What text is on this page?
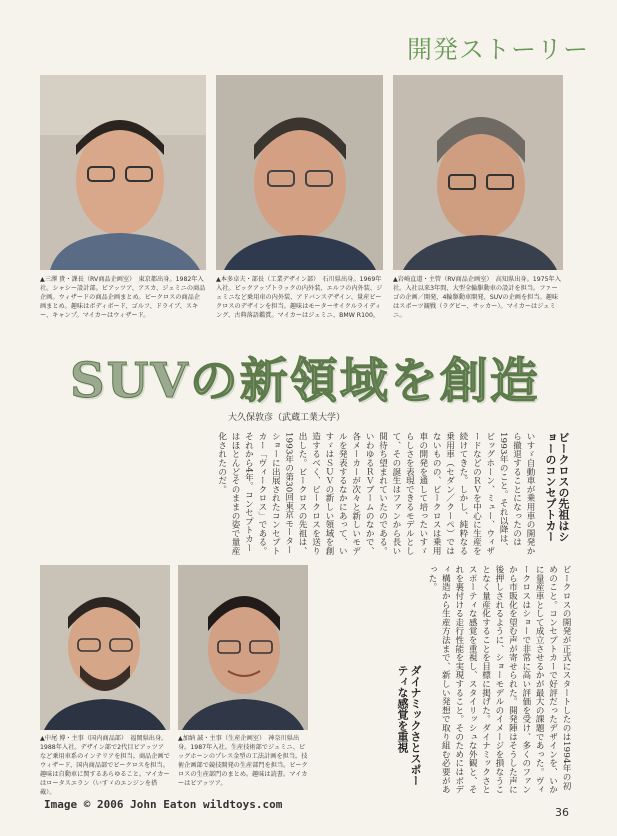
開発ストーリー
▲三澤 貴・課長（RV商品企画室）　東京都出身。1982年入社。シャシー設計部。ビアッツア、アスカ、ジェミニの商品企画。ウィザードの商品企画まとめ。ビークロスの商品企画まとめ。趣味はボディボード、ゴルフ、ドライブ、スキー、キャンプ。マイカーはウィザード。
▲本多卓夫・部長（工業デザイン部）　石川県出身。1969年入社。ピックアップトラックの内外装、エルフの内外装、ジェミニなど乗用車の内外装、アドバンスデザイン、量産ビークロスのデザインを担当。趣味はモーターサイクルライディング、古典落語鑑賞。マイカーはジェミニ、BMW R100。
▲岩崎直道・主管（RV商品企画室）　高知県出身。1975年入社。入社以来3年間、大型全輪駆動車の設計を担当。ファーゴの企画／開発、4輪駆動車開発、SUVの企画を担当。趣味はスポーツ観戦（ラグビー、サッカー）。マイカーはジェミニ。
SUVの新領域を創造
大久保敦彦（武蔵工業大学）
ビークロスの先祖はショーのコンセプトカー
いすゞ自動車が乗用車の開発から撤退することになったのは1993年のこと。それ以降は、ビッグホーン、ミュー、ウィザードなどのＲＶを中心に生産を続けてきた。しかし、純粋なる乗用車（セダン／クーペ）ではないものの、ビークロスは乗用車の開発を通して培ったいすゞらしさを表現できるモデルとして、その誕生はファンから長い間待ち望まれていたのである。いわゆるＲＶブームのなかで、各メーカーが次々と新しいモデルを発表するなかにあって、いすゞはＳＵＶの新しい領域を創造するべく、ビークロスを送り出した。ビークロスの先祖は、1993年の第30回東京モーターショーに出展されたコンセプトカー「ヴィークロス」である。それから4年。コンセプトカーはほとんどそのままの姿で量産化されたのだ。
▲中尾 博・主事（国内商品部）　福岡県出身。1988年入社。デザイン部で2代目ビアッツアなど乗用車系のインテリアを担当。商品企画でウィザード、国内商品部でビークロスを担当。趣味は自動車に関するあらゆること。マイカーはロータスエラン（いすゞのエンジンを搭載）。
▲加納 誠・主事（生産企画室）　神奈川県出身。1987年入社。生産技術部でジェミニ、ビッグホーンのプレス金型の工法計画を担当。技術企画部で競技開発の生産部門を担当。ビークロスの生産部門のまとめ。趣味は読書。マイカーはビアッツア。	ダイナミックさとスポーティな感覚を重視	ビークロスの開発が正式にスタートしたのは1994年の初めのこと。コンセプトカーで好評だったデザインを、いかに量産車として成立させるかが最大の課題であった。ヴィークロスはショーで非常に高い評価を受け、多くのファンから市販化を望む声が寄せられた。開発陣はそうした声に後押しされるように、ショーモデルのイメージを損なうことなく量産化することを目標に掲げた。ダイナミックさとスポーティな感覚を重視し、スタイリッシュな外観と、それを裏付ける走行性能を実現すること。そのためにはボディ構造から生産方法まで、新しい発想で取り組む必要があった。
Image © 2006 John Eaton wildtoys.com
36
